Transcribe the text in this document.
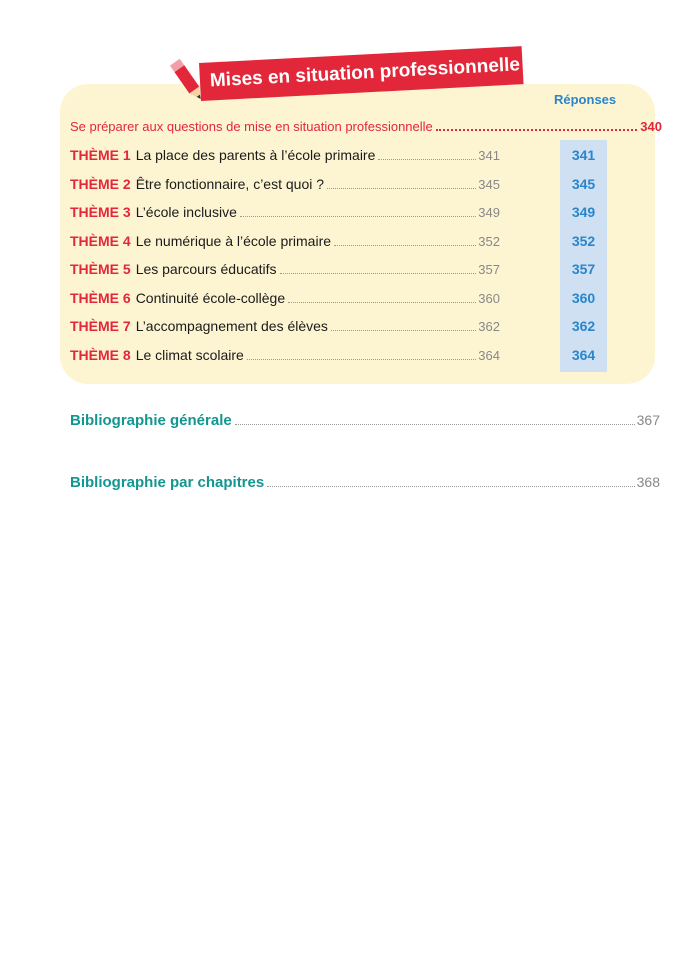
Mises en situation professionnelle
Réponses
Se préparer aux questions de mise en situation professionnelle	340
THÈME 1 La place des parents à l’école primaire	341	341
THÈME 2 Être fonctionnaire, c’est quoi ?	345	345
THÈME 3 L’école inclusive	349	349
THÈME 4 Le numérique à l’école primaire	352	352
THÈME 5 Les parcours éducatifs	357	357
THÈME 6 Continuité école-collège	360	360
THÈME 7 L’accompagnement des élèves	362	362
THÈME 8 Le climat scolaire	364	364
Bibliographie générale	367
Bibliographie par chapitres	368
